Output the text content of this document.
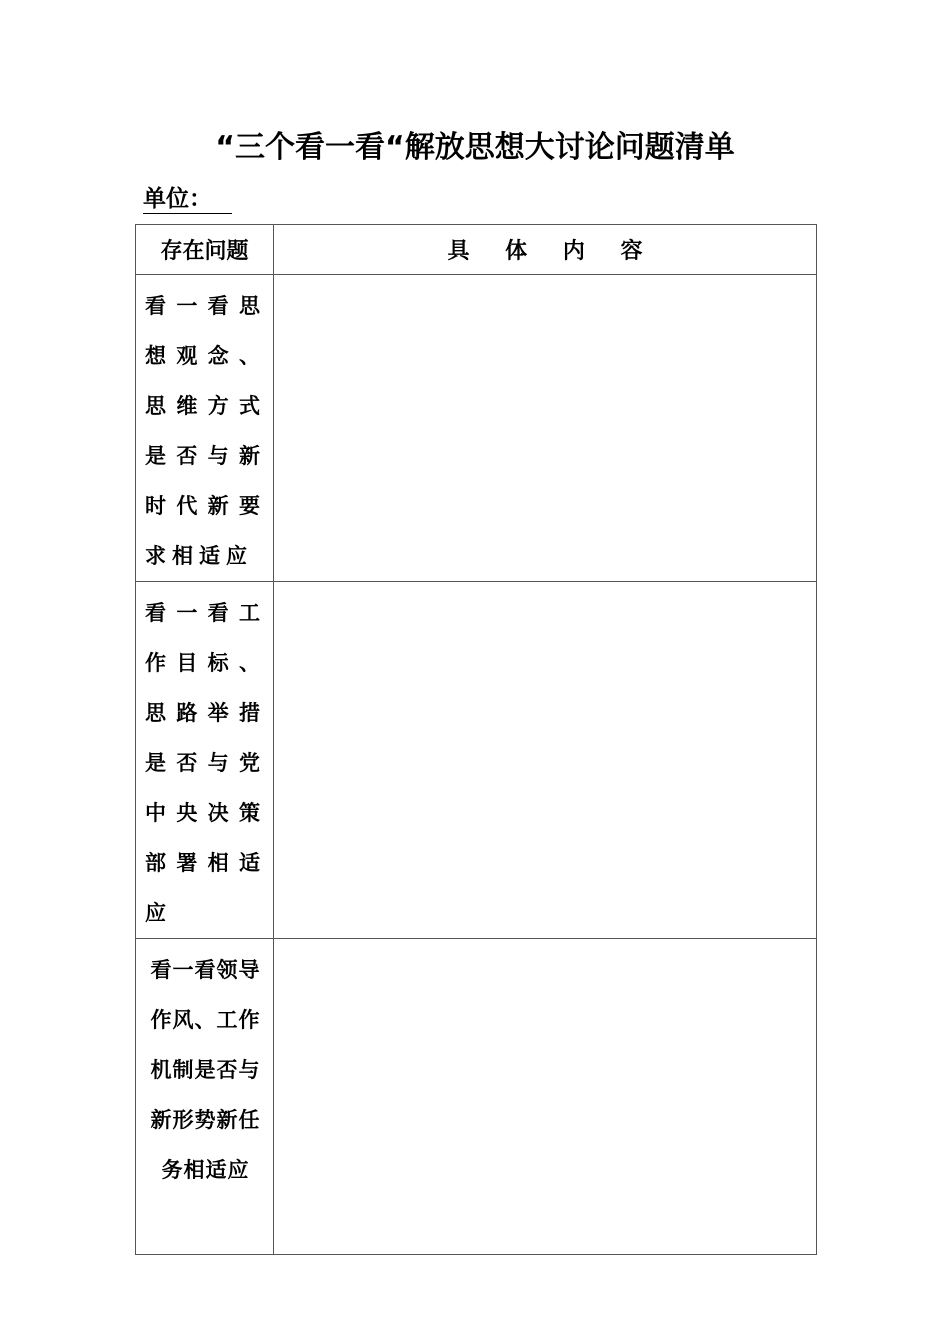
“三个看一看“解放思想大讨论问题清单
单位：
存在问题	具 体 内 容

看一看思想观念、思维方式是否与新时代新要求相适应	

看一看工作目标、思路举措是否与党中央决策部署相适应	

看一看领导作风、工作机制是否与新形势新任务相适应	
